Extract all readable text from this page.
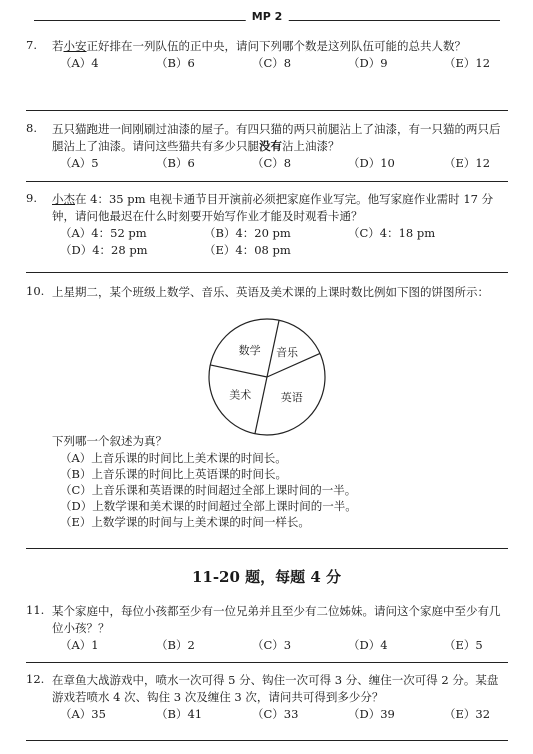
MP 2
7.	若小安正好排在一列队伍的正中央，请问下列哪个数是这列队伍可能的总共人数？
（A）4	（B）6	（C）8	（D）9	（E）12
8.	五只猫跑进一间刚刷过油漆的屋子。有四只猫的两只前腿沾上了油漆，有一只猫的两只后腿沾上了油漆。请问这些猫共有多少只腿没有沾上油漆？
（A）5	（B）6	（C）8	（D）10	（E）12
9.	小杰在 4：35 pm 电视卡通节目开演前必须把家庭作业写完。他写家庭作业需时 17 分钟，请问他最迟在什么时刻要开始写作业才能及时观看卡通？
（A）4：52 pm	（B）4：20 pm	（C）4：18 pm
（D）4：28 pm	（E）4：08 pm
10. 上星期二，某个班级上数学、音乐、英语及美术课的上课时数比例如下图的饼图所示：
音乐
英语
美术
数学
下列哪一个叙述为真？
（A）上音乐课的时间比上美术课的时间长。
（B）上音乐课的时间比上英语课的时间长。
（C）上音乐课和英语课的时间超过全部上课时间的一半。
（D）上数学课和美术课的时间超过全部上课时间的一半。
（E）上数学课的时间与上美术课的时间一样长。
11-20 题，每题 4 分
11. 某个家庭中，每位小孩都至少有一位兄弟并且至少有二位姊妹。请问这个家庭中至少有几位小孩？？
（A）1	（B）2	（C）3	（D）4	（E）5
12. 在章鱼大战游戏中，喷水一次可得 5 分、钩住一次可得 3 分、缠住一次可得 2 分。某盘游戏若喷水 4 次、钩住 3 次及缠住 3 次，请问共可得到多少分？
（A）35	（B）41	（C）33	（D）39	（E）32
